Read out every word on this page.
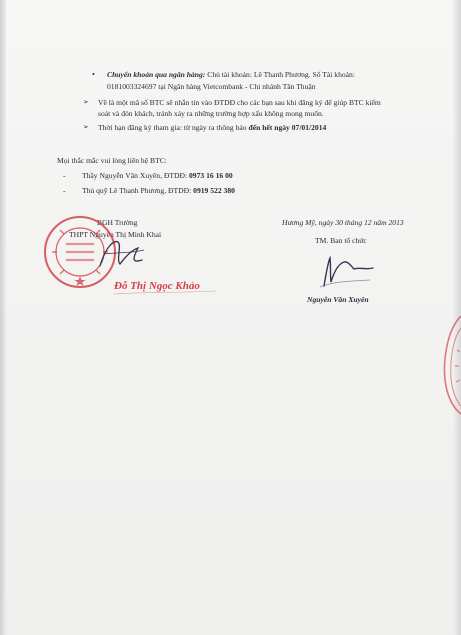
• Chuyển khoản qua ngân hàng: Chủ tài khoản: Lê Thanh Phương. Số Tài khoản:
0181003324697 tại Ngân hàng Vietcombank - Chi nhánh Tân Thuận
➢ Về là một mã số BTC sẽ nhắn tin vào ĐTDĐ cho các bạn sau khi đăng ký để giúp BTC kiểm
soát và đón khách, tránh xảy ra những trường hợp xấu không mong muốn.
➢ Thời hạn đăng ký tham gia: từ ngày ra thông báo đến hết ngày 07/01/2014
Mọi thắc mắc vui lòng liên hệ BTC:
- Thầy Nguyễn Văn Xuyên, ĐTDĐ: 0973 16 16 00
- Thủ quỹ Lê Thanh Phương, ĐTDĐ: 0919 522 380
Hương Mỹ, ngày 30 tháng 12 năm 2013
TM. Ban tổ chức
Nguyễn Văn Xuyên
BGH Trường
THPT Nguyễn Thị Minh Khai
Đỗ Thị Ngọc Khảo
